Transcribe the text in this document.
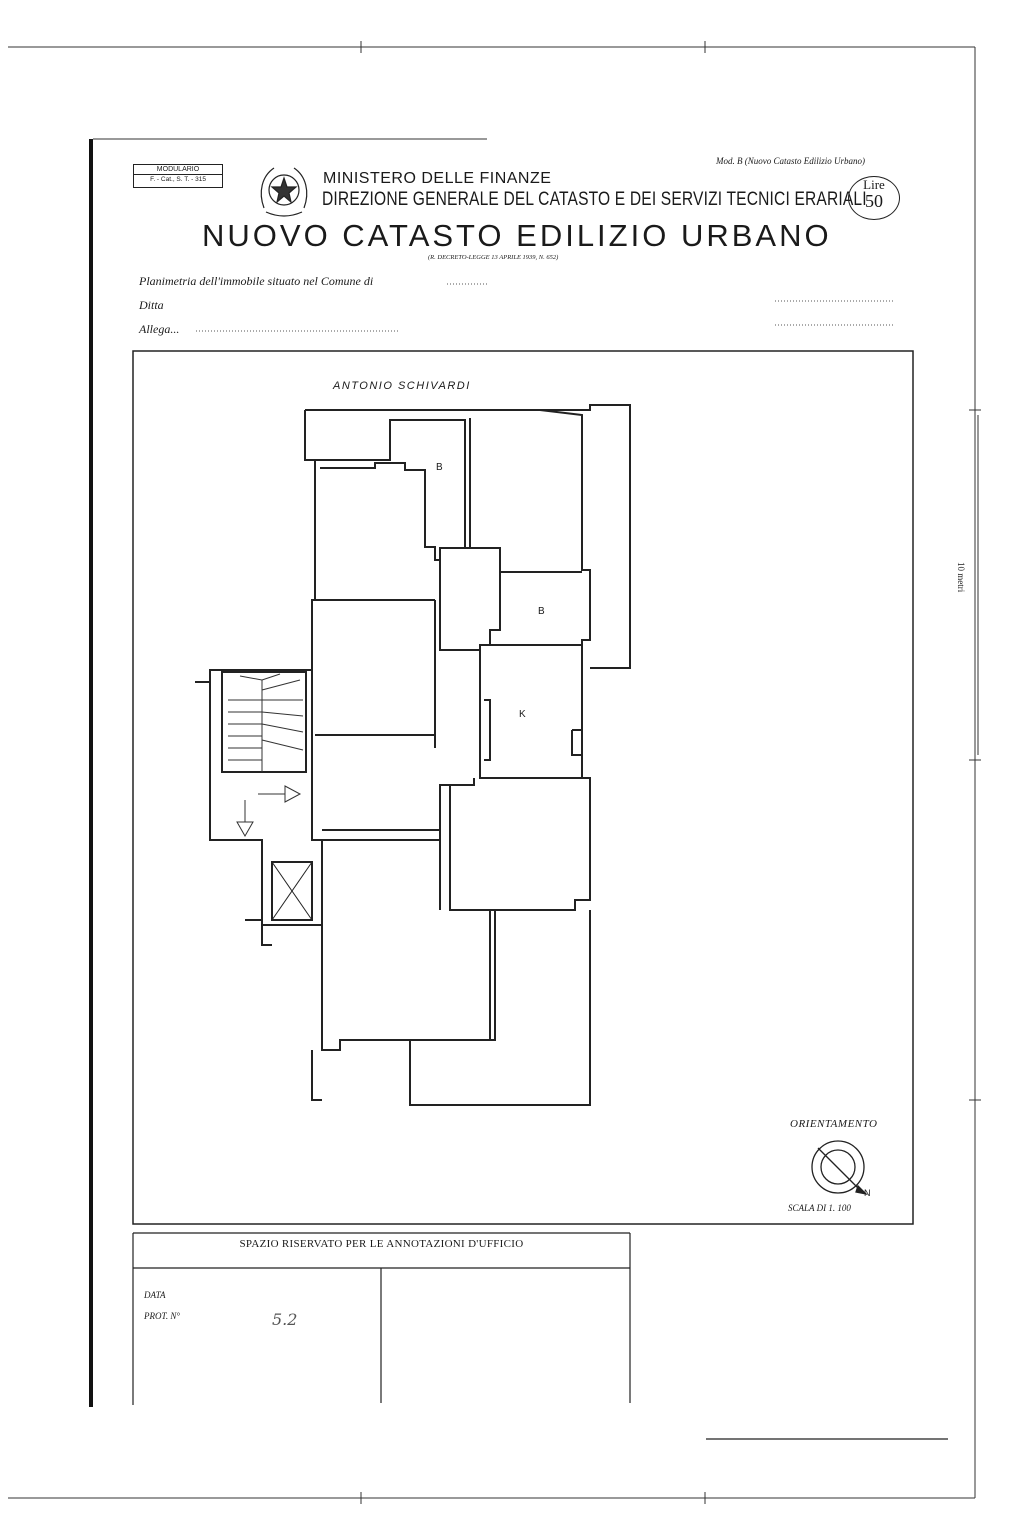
MODULARIO
F. - Cat., S. T. - 315	MINISTERO DELLE FINANZE
DIREZIONE GENERALE DEL CATASTO E DEI SERVIZI TECNICI ERARIALI
Mod. B (Nuovo Catasto Edilizio Urbano)
Lire
50
NUOVO CATASTO EDILIZIO URBANO
(R. DECRETO-LEGGE 13 APRILE 1939, N. 652)
Planimetria dell'immobile situato nel Comune di
Ditta
Allega...
ANTONIO SCHIVARDI
B
B
K
ORIENTAMENTO
N
SCALA DI 1. 100
SPAZIO RISERVATO PER LE ANNOTAZIONI D'UFFICIO
DATA
PROT. N°	5.2
10 metri
